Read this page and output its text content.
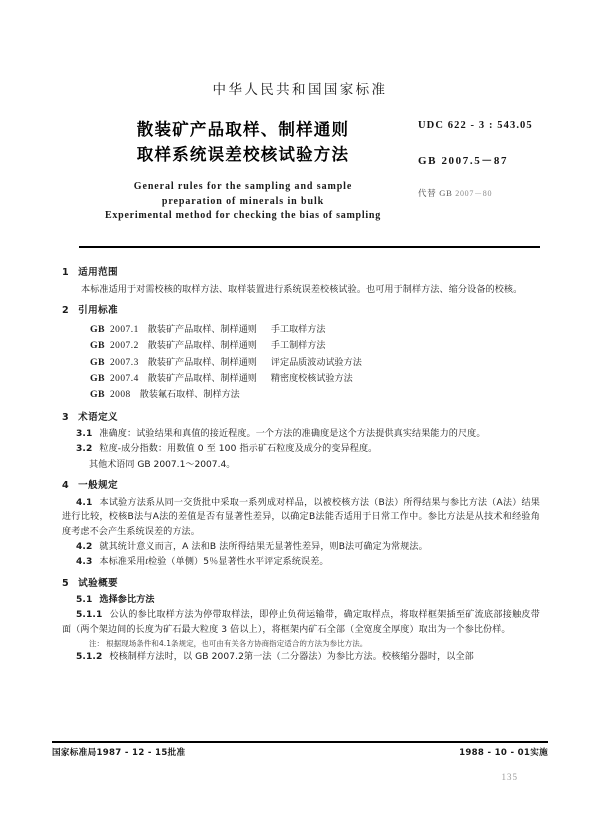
中华人民共和国国家标准
散装矿产品取样、制样通则
取样系统误差校核试验方法
General rules for the sampling and sample
preparation of minerals in bulk
Experimental method for checking the bias of sampling
UDC 622 - 3 : 543.05
GB 2007.5－87
代替 GB 2007－80
1 适用范围

本标准适用于对需校核的取样方法、取样装置进行系统误差校核试验。也可用于制样方法、缩分设备的校核。

2 引用标准
GB 2007.1 散装矿产品取样、制样通则 手工取样方法
GB 2007.2 散装矿产品取样、制样通则 手工制样方法
GB 2007.3 散装矿产品取样、制样通则 评定品质波动试验方法
GB 2007.4 散装矿产品取样、制样通则 精密度校核试验方法
GB 2008 散装氟石取样、制样方法
3 术语定义

3.1 准确度：试验结果和真值的接近程度。一个方法的准确度是这个方法提供真实结果能力的尺度。

3.2 粒度-成分指数：用数值 0 至 100 指示矿石粒度及成分的变异程度。

其他术语同 GB 2007.1～2007.4。

4 一般规定

4.1 本试验方法系从同一交货批中采取一系列成对样品，以被校核方法（B法）所得结果与参比方法（A法）结果进行比较，校核B法与A法的差值是否有显著性差异，以确定B法能否适用于日常工作中。参比方法是从技术和经验角度考虑不会产生系统误差的方法。

4.2 就其统计意义而言，A 法和B 法所得结果无显著性差异，则B法可确定为常规法。

4.3 本标准采用t检验（单侧）5％显著性水平评定系统误差。

5 试验概要

5.1 选择参比方法

5.1.1 公认的参比取样方法为停带取样法，即停止负荷运输带，确定取样点，将取样框架插至矿流底部接触皮带面（两个架边间的长度为矿石最大粒度 3 倍以上），将框架内矿石全部（全宽度全厚度）取出为一个参比份样。

注： 根据现场条件和4.1条规定，也可由有关各方协商指定适合的方法为参比方法。

5.1.2 校核制样方法时，以 GB 2007.2第一法（二分器法）为参比方法。校核缩分器时，以全部

国家标准局1987 - 12 - 15批准	1988 - 10 - 01实施
135
